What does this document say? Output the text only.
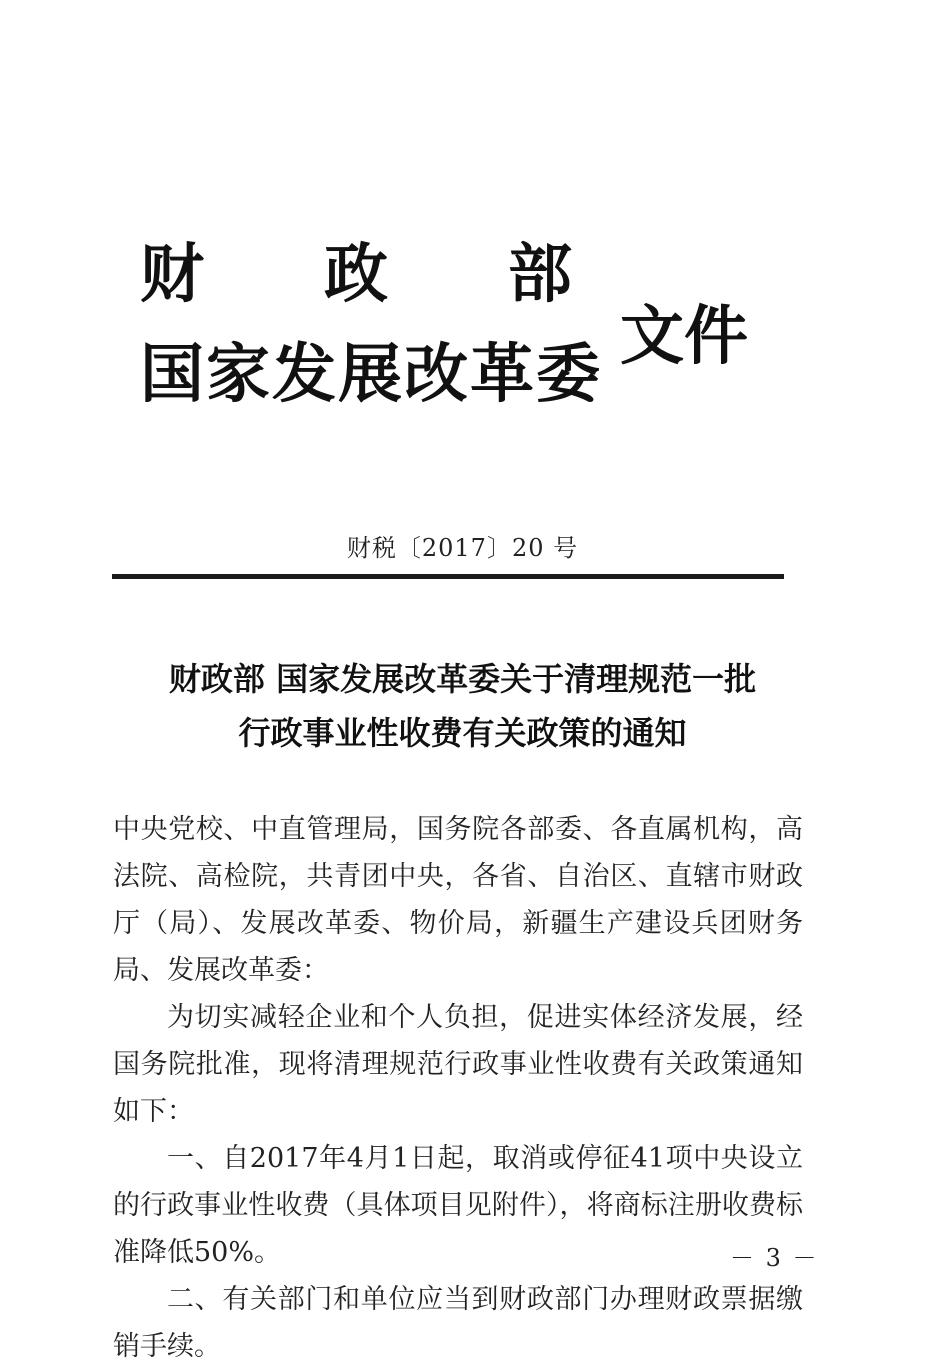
财政部
国家发展改革委
文件
财税〔2017〕20 号
财政部 国家发展改革委关于清理规范一批
行政事业性收费有关政策的通知

中央党校、中直管理局，国务院各部委、各直属机构，高法院、高检院，共青团中央，各省、自治区、直辖市财政厅（局）、发展改革委、物价局，新疆生产建设兵团财务局、发展改革委：

为切实减轻企业和个人负担，促进实体经济发展，经国务院批准，现将清理规范行政事业性收费有关政策通知如下：

一、自2017年4月1日起，取消或停征41项中央设立的行政事业性收费（具体项目见附件），将商标注册收费标准降低50%。

二、有关部门和单位应当到财政部门办理财政票据缴销手续。

－ 3 －
